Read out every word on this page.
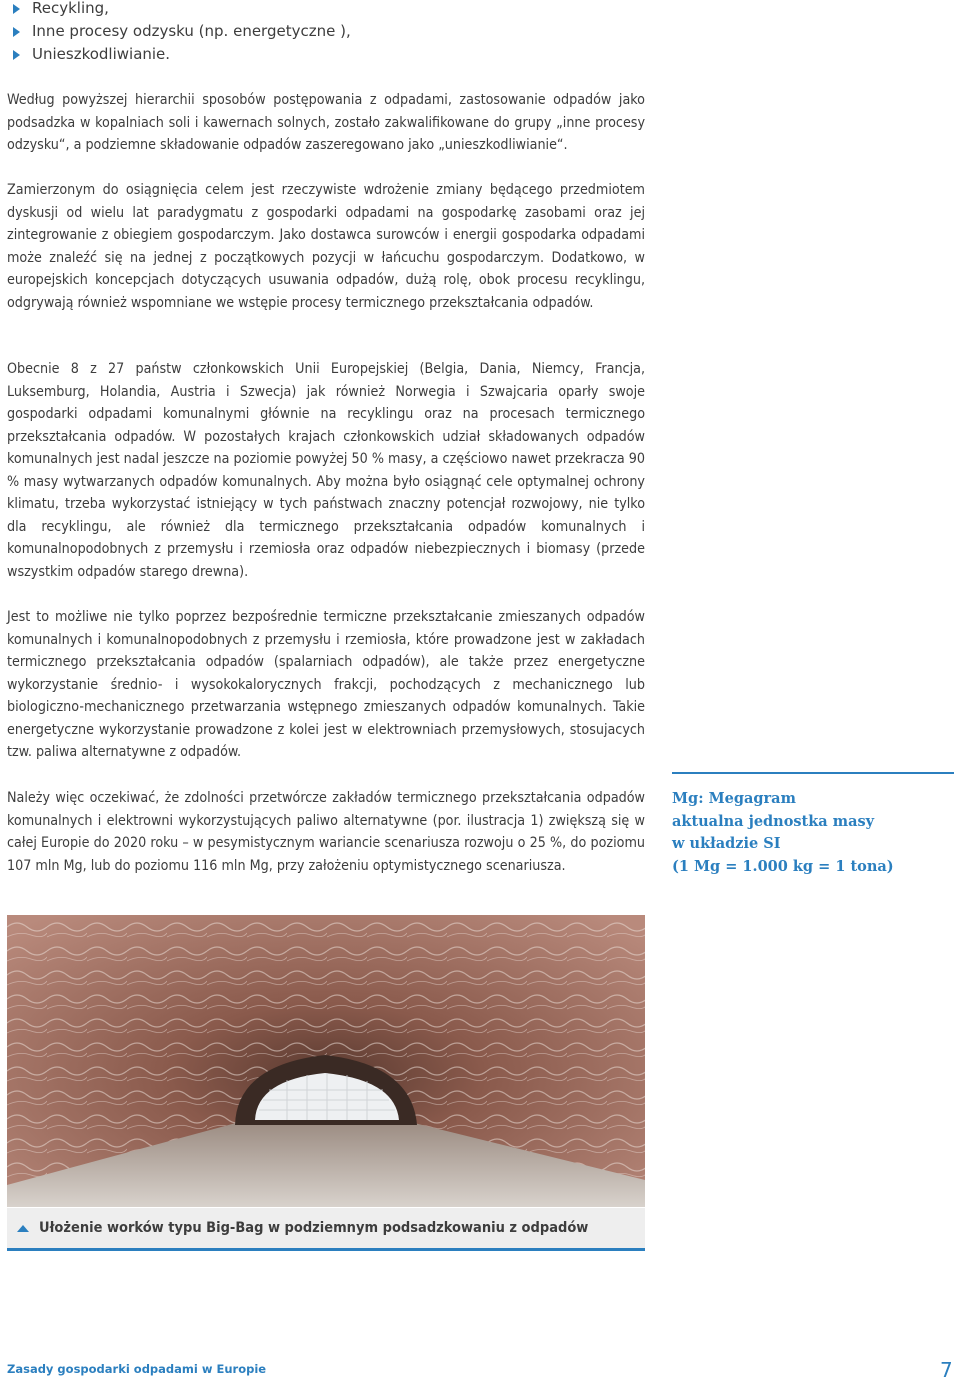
Recykling,
Inne procesy odzysku (np. energetyczne ),
Unieszkodliwianie.

Według powyższej hierarchii sposobów postępowania z odpadami, zastosowanie odpadów jako podsadzka w kopalniach soli i kawernach solnych, zostało zakwalifikowane do grupy „inne procesy odzysku“, a podziemne składowanie odpadów zaszeregowano jako „unieszkodliwianie“.

Zamierzonym do osiągnięcia celem jest rzeczywiste wdrożenie zmiany będącego przedmiotem dyskusji od wielu lat paradygmatu z gospodarki odpadami na gospodarkę zasobami oraz jej zintegrowanie z obiegiem gospodarczym. Jako dostawca surowców i energii gospodarka odpadami może znaleźć się na jednej z początkowych pozycji w łańcuchu gospodarczym. Dodatkowo, w europejskich koncepcjach dotyczących usuwania odpadów, dużą rolę, obok procesu recyklingu, odgrywają również wspomniane we wstępie procesy termicznego przekształcania odpadów.

Obecnie 8 z 27 państw członkowskich Unii Europejskiej (Belgia, Dania, Niemcy, Francja, Luksemburg, Holandia, Austria i Szwecja) jak również Norwegia i Szwajcaria oparły swoje gospodarki odpadami komunalnymi głównie na recyklingu oraz na procesach termicznego przekształcania odpadów. W pozostałych krajach członkowskich udział składowanych odpadów komunalnych jest nadal jeszcze na poziomie powyżej 50 % masy, a częściowo nawet przekracza 90 % masy wytwarzanych odpadów komunalnych. Aby można było osiągnąć cele optymalnej ochrony klimatu, trzeba wykorzystać istniejący w tych państwach znaczny potencjał rozwojowy, nie tylko dla recyklingu, ale również dla termicznego przekształcania odpadów komunalnych i komunalnopodobnych z przemysłu i rzemiosła oraz odpadów niebezpiecznych i biomasy (przede wszystkim odpadów starego drewna).

Jest to możliwe nie tylko poprzez bezpośrednie termiczne przekształcanie zmieszanych odpadów komunalnych i komunalnopodobnych z przemysłu i rzemiosła, które prowadzone jest w zakładach termicznego przekształcania odpadów (spalarniach odpadów), ale także przez energetyczne wykorzystanie średnio- i wysokokalorycznych frakcji, pochodzących z mechanicznego lub biologiczno-mechanicznego przetwarzania wstępnego zmieszanych odpadów komunalnych. Takie energetyczne wykorzystanie prowadzone z kolei jest w elektrowniach przemysłowych, stosujacych tzw. paliwa alternatywne z odpadów.

Należy więc oczekiwać, że zdolności przetwórcze zakładów termicznego przekształcania odpadów komunalnych i elektrowni wykorzystujących paliwo alternatywne (por. ilustracja 1) zwiększą się w całej Europie do 2020 roku – w pesymistycznym wariancie scenariusza rozwoju o 25 %, do poziomu 107 mln Mg, lub do poziomu 116 mln Mg, przy założeniu optymistycznego scenariusza.

Mg: Megagram
aktualna jednostka masy
w układzie SI
(1 Mg = 1.000 kg = 1 tona)
Ułożenie worków typu Big-Bag w podziemnym podsadzkowaniu z odpadów
Zasady gospodarki odpadami w Europie	7
